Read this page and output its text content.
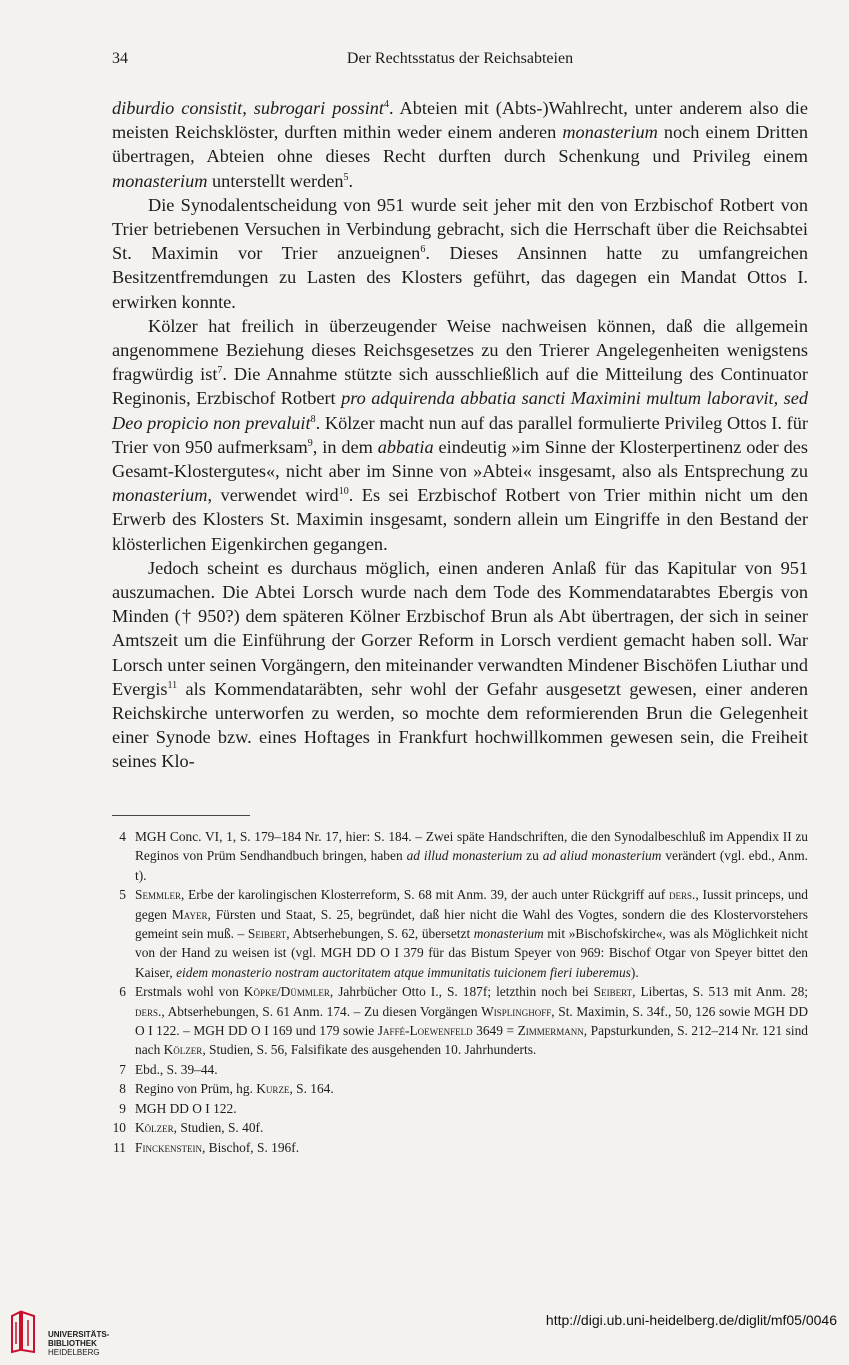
34	Der Rechtsstatus der Reichsabteien

diburdio consistit, subrogari possint$^4$. Abteien mit (Abts-)Wahlrecht, unter anderem also die meisten Reichsklöster, durften mithin weder einem anderen monasterium noch einem Dritten übertragen, Abteien ohne dieses Recht durften durch Schenkung und Privileg einem monasterium unterstellt werden$^5$.

Die Synodalentscheidung von 951 wurde seit jeher mit den von Erzbischof Rotbert von Trier betriebenen Versuchen in Verbindung gebracht, sich die Herrschaft über die Reichsabtei St. Maximin vor Trier anzueignen$^6$. Dieses Ansinnen hatte zu umfangreichen Besitzentfremdungen zu Lasten des Klosters geführt, das dagegen ein Mandat Ottos I. erwirken konnte.

Kölzer hat freilich in überzeugender Weise nachweisen können, daß die allgemein angenommene Beziehung dieses Reichsgesetzes zu den Trierer Angelegenheiten wenigstens fragwürdig ist$^7$. Die Annahme stützte sich ausschließlich auf die Mitteilung des Continuator Reginonis, Erzbischof Rotbert pro adquirenda abbatia sancti Maximini multum laboravit, sed Deo propicio non prevaluit$^8$. Kölzer macht nun auf das parallel formulierte Privileg Ottos I. für Trier von 950 aufmerksam$^9$, in dem abbatia eindeutig »im Sinne der Klosterpertinenz oder des Gesamt-Klostergutes«, nicht aber im Sinne von »Abtei« insgesamt, also als Entsprechung zu monasterium, verwendet wird$^{10}$. Es sei Erzbischof Rotbert von Trier mithin nicht um den Erwerb des Klosters St. Maximin insgesamt, sondern allein um Eingriffe in den Bestand der klösterlichen Eigenkirchen gegangen.

Jedoch scheint es durchaus möglich, einen anderen Anlaß für das Kapitular von 951 auszumachen. Die Abtei Lorsch wurde nach dem Tode des Kommendatarabtes Ebergis von Minden († 950?) dem späteren Kölner Erzbischof Brun als Abt übertragen, der sich in seiner Amtszeit um die Einführung der Gorzer Reform in Lorsch verdient gemacht haben soll. War Lorsch unter seinen Vorgängern, den miteinander verwandten Mindener Bischöfen Liuthar und Evergis$^{11}$ als Kommendataräbten, sehr wohl der Gefahr ausgesetzt gewesen, einer anderen Reichskirche unterworfen zu werden, so mochte dem reformierenden Brun die Gelegenheit einer Synode bzw. eines Hoftages in Frankfurt hochwillkommen gewesen sein, die Freiheit seines Klo-

4 MGH Conc. VI, 1, S. 179–184 Nr. 17, hier: S. 184. – Zwei späte Handschriften, die den Synodalbeschluß im Appendix II zu Reginos von Prüm Sendhandbuch bringen, haben ad illud monasterium zu ad aliud monasterium verändert (vgl. ebd., Anm. t).
5 Semmler, Erbe der karolingischen Klosterreform, S. 68 mit Anm. 39, der auch unter Rückgriff auf ders., Iussit princeps, und gegen Mayer, Fürsten und Staat, S. 25, begründet, daß hier nicht die Wahl des Vogtes, sondern die des Klostervorstehers gemeint sein muß. – Seibert, Abtserhebungen, S. 62, übersetzt monasterium mit »Bischofskirche«, was als Möglichkeit nicht von der Hand zu weisen ist (vgl. MGH DD O I 379 für das Bistum Speyer von 969: Bischof Otgar von Speyer bittet den Kaiser, eidem monasterio nostram auctoritatem atque immunitatis tuicionem fieri iuberemus).
6 Erstmals wohl von Köpke/Dümmler, Jahrbücher Otto I., S. 187f; letzthin noch bei Seibert, Libertas, S. 513 mit Anm. 28; ders., Abtserhebungen, S. 61 Anm. 174. – Zu diesen Vorgängen Wisplinghoff, St. Maximin, S. 34f., 50, 126 sowie MGH DD O I 122. – MGH DD O I 169 und 179 sowie Jaffé-Loewenfeld 3649 = Zimmermann, Papsturkunden, S. 212–214 Nr. 121 sind nach Kölzer, Studien, S. 56, Falsifikate des ausgehenden 10. Jahrhunderts.
7 Ebd., S. 39–44.
8 Regino von Prüm, hg. Kurze, S. 164.
9 MGH DD O I 122.
10 Kölzer, Studien, S. 40f.
11 Finckenstein, Bischof, S. 196f.
UNIVERSITÄTS-
BIBLIOTHEK
HEIDELBERG
http://digi.ub.uni-heidelberg.de/diglit/mf05/0046
